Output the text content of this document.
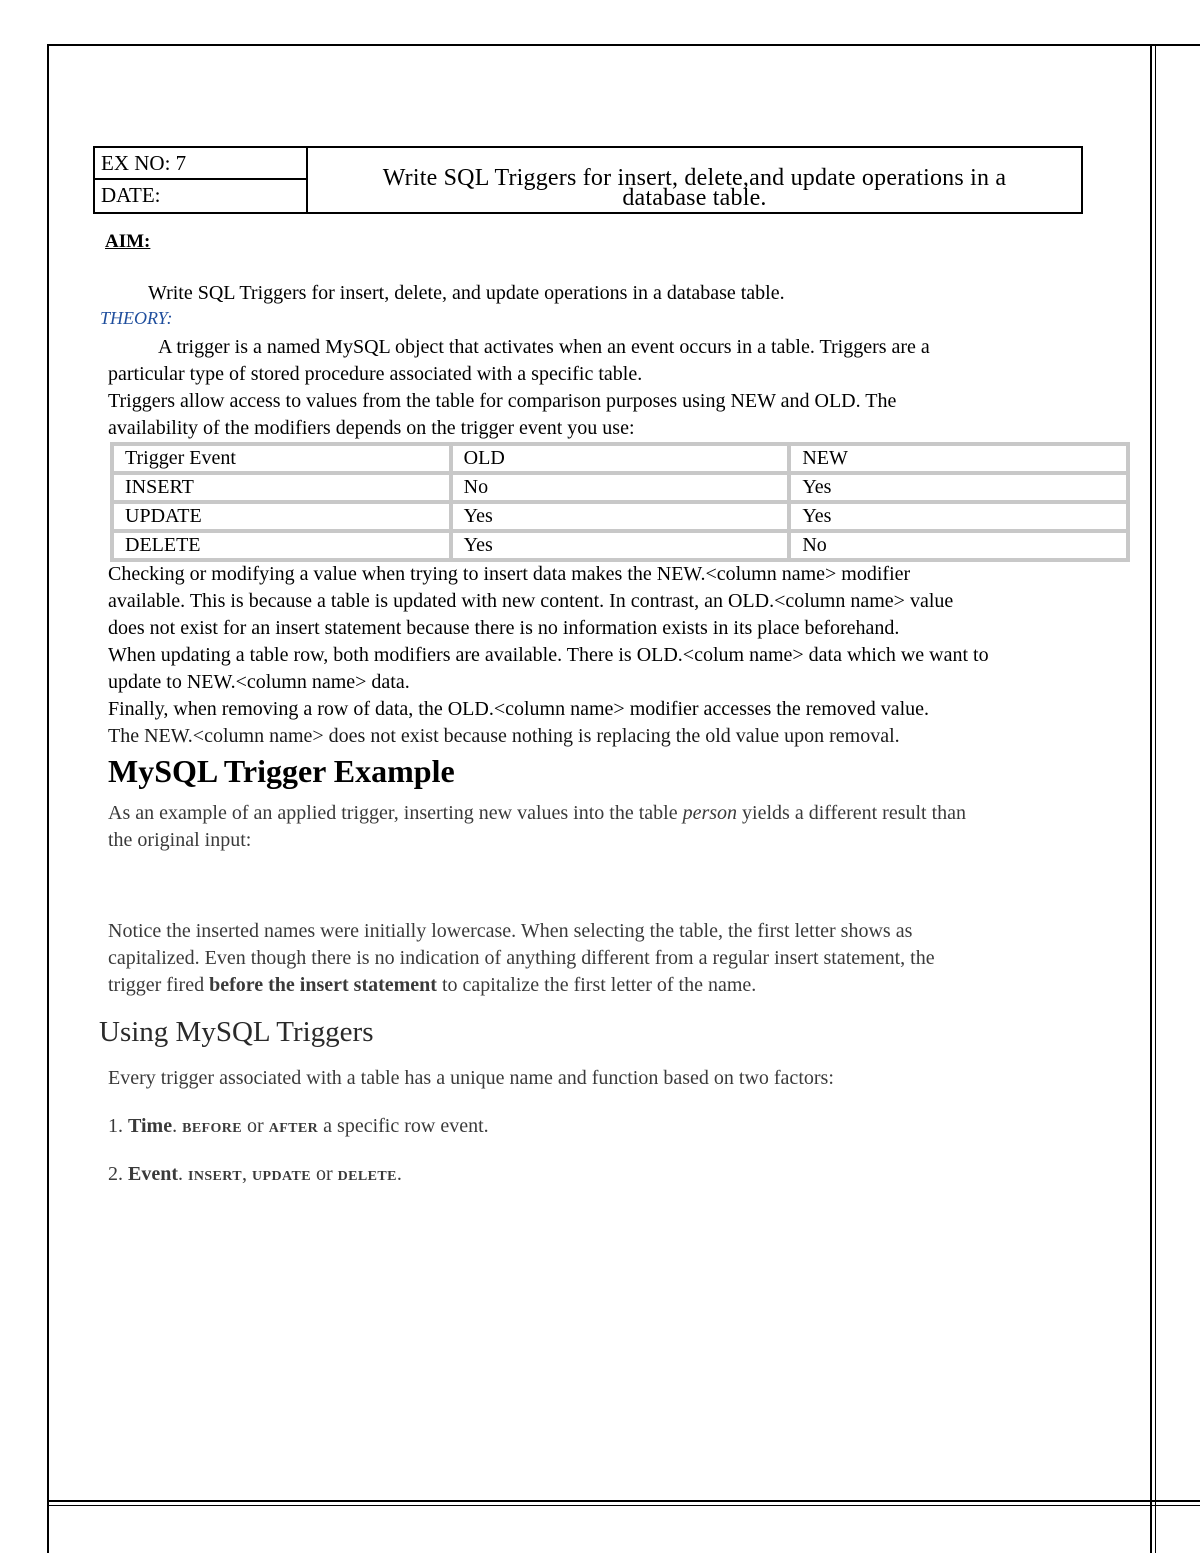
EX NO: 7
DATE:
Write SQL Triggers for insert, delete,and update operations in a
database table.
AIM:
Write SQL Triggers for insert, delete, and update operations in a database table.
THEORY:
A trigger is a named MySQL object that activates when an event occurs in a table. Triggers are a
particular type of stored procedure associated with a specific table.
Triggers allow access to values from the table for comparison purposes using NEW and OLD. The
availability of the modifiers depends on the trigger event you use:
Trigger Event	OLD	NEW
INSERT	No	Yes
UPDATE	Yes	Yes
DELETE	Yes	No
Checking or modifying a value when trying to insert data makes the NEW.<column name> modifier
available. This is because a table is updated with new content. In contrast, an OLD.<column name> value
does not exist for an insert statement because there is no information exists in its place beforehand.
When updating a table row, both modifiers are available. There is OLD.<colum name> data which we want to
update to NEW.<column name> data.
Finally, when removing a row of data, the OLD.<column name> modifier accesses the removed value.
The NEW.<column name> does not exist because nothing is replacing the old value upon removal.
MySQL Trigger Example
As an example of an applied trigger, inserting new values into the table person yields a different result than
the original input:
Notice the inserted names were initially lowercase. When selecting the table, the first letter shows as
capitalized. Even though there is no indication of anything different from a regular insert statement, the
trigger fired before the insert statement to capitalize the first letter of the name.
Using MySQL Triggers
Every trigger associated with a table has a unique name and function based on two factors:
1. Time. BEFORE or AFTER a specific row event.
2. Event. INSERT, UPDATE or DELETE.
